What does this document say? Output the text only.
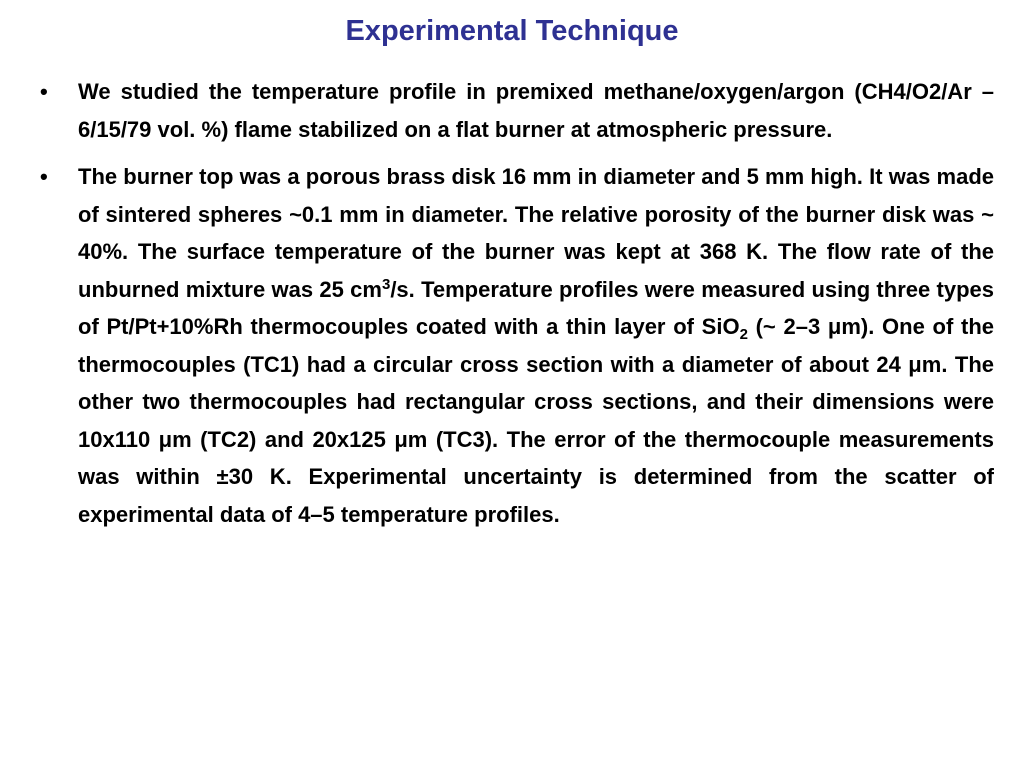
Experimental Technique
• We studied the temperature profile in premixed methane/oxygen/argon (CH4/O2/Ar – 6/15/79 vol. %) flame stabilized on a flat burner at atmospheric pressure.
• The burner top was a porous brass disk 16 mm in diameter and 5 mm high. It was made of sintered spheres ~0.1 mm in diameter. The relative porosity of the burner disk was ~ 40%. The surface temperature of the burner was kept at 368 K. The flow rate of the unburned mixture was 25 $cm^3/s$. Temperature profiles were measured using three types of Pt/Pt+10%Rh thermocouples coated with a thin layer of SiO$_2$ (~ 2–3 μm). One of the thermocouples (TC1) had a circular cross section with a diameter of about 24 μm. The other two thermocouples had rectangular cross sections, and their dimensions were 10x110 μm (TC2) and 20x125 μm (TC3). The error of the thermocouple measurements was within ±30 K. Experimental uncertainty is determined from the scatter of experimental data of 4–5 temperature profiles.
